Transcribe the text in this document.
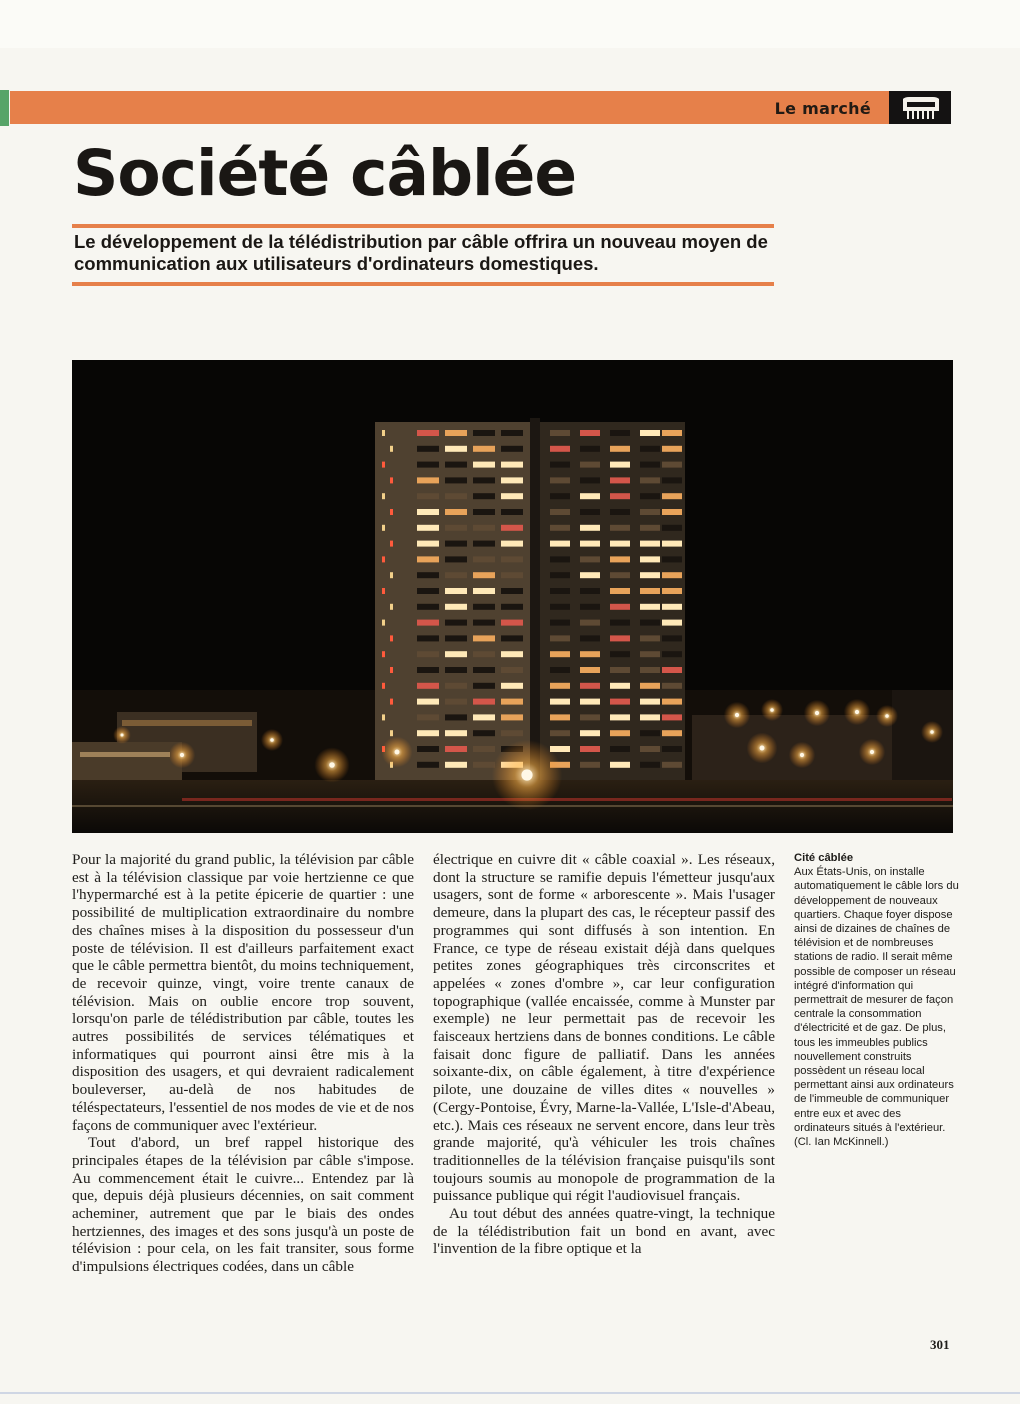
Le marché
Société câblée

Le développement de la télédistribution par câble offrira un nouveau moyen de communication aux utilisateurs d'ordinateurs domestiques.

Pour la majorité du grand public, la télévision par câble est à la télévision classique par voie hertzienne ce que l'hypermarché est à la petite épicerie de quartier : une possibilité de multiplication extraordinaire du nombre des chaînes mises à la disposition du possesseur d'un poste de télévision. Il est d'ailleurs parfaitement exact que le câble permettra bientôt, du moins techniquement, de recevoir quinze, vingt, voire trente canaux de télévision. Mais on oublie encore trop souvent, lorsqu'on parle de télédistribution par câble, toutes les autres possibilités de services télématiques et informatiques qui pourront ainsi être mis à la disposition des usagers, et qui devraient radicalement bouleverser, au-delà de nos habitudes de téléspectateurs, l'essentiel de nos modes de vie et de nos façons de communiquer avec l'extérieur.

Tout d'abord, un bref rappel historique des principales étapes de la télévision par câble s'impose. Au commencement était le cuivre... Entendez par là que, depuis déjà plusieurs décennies, on sait comment acheminer, autrement que par le biais des ondes hertziennes, des images et des sons jusqu'à un poste de télévision : pour cela, on les fait transiter, sous forme d'impulsions électriques codées, dans un câble

électrique en cuivre dit « câble coaxial ». Les réseaux, dont la structure se ramifie depuis l'émetteur jusqu'aux usagers, sont de forme « arborescente ». Mais l'usager demeure, dans la plupart des cas, le récepteur passif des programmes qui sont diffusés à son intention. En France, ce type de réseau existait déjà dans quelques petites zones géographiques très circonscrites et appelées « zones d'ombre », car leur configuration topographique (vallée encaissée, comme à Munster par exemple) ne leur permettait pas de recevoir les faisceaux hertziens dans de bonnes conditions. Le câble faisait donc figure de palliatif. Dans les années soixante-dix, on câble également, à titre d'expérience pilote, une douzaine de villes dites « nouvelles » (Cergy-Pontoise, Évry, Marne-la-Vallée, L'Isle-d'Abeau, etc.). Mais ces réseaux ne servent encore, dans leur très grande majorité, qu'à véhiculer les trois chaînes traditionnelles de la télévision française puisqu'ils sont toujours soumis au monopole de programmation de la puissance publique qui régit l'audiovisuel français.

Au tout début des années quatre-vingt, la technique de la télédistribution fait un bond en avant, avec l'invention de la fibre optique et la

Cité câblée
Aux États-Unis, on installe automatiquement le câble lors du développement de nouveaux quartiers. Chaque foyer dispose ainsi de dizaines de chaînes de télévision et de nombreuses stations de radio. Il serait même possible de composer un réseau intégré d'information qui permettrait de mesurer de façon centrale la consommation d'électricité et de gaz. De plus, tous les immeubles publics nouvellement construits possèdent un réseau local permettant ainsi aux ordinateurs de l'immeuble de communiquer entre eux et avec des ordinateurs situés à l'extérieur. (Cl. Ian McKinnell.)
301
